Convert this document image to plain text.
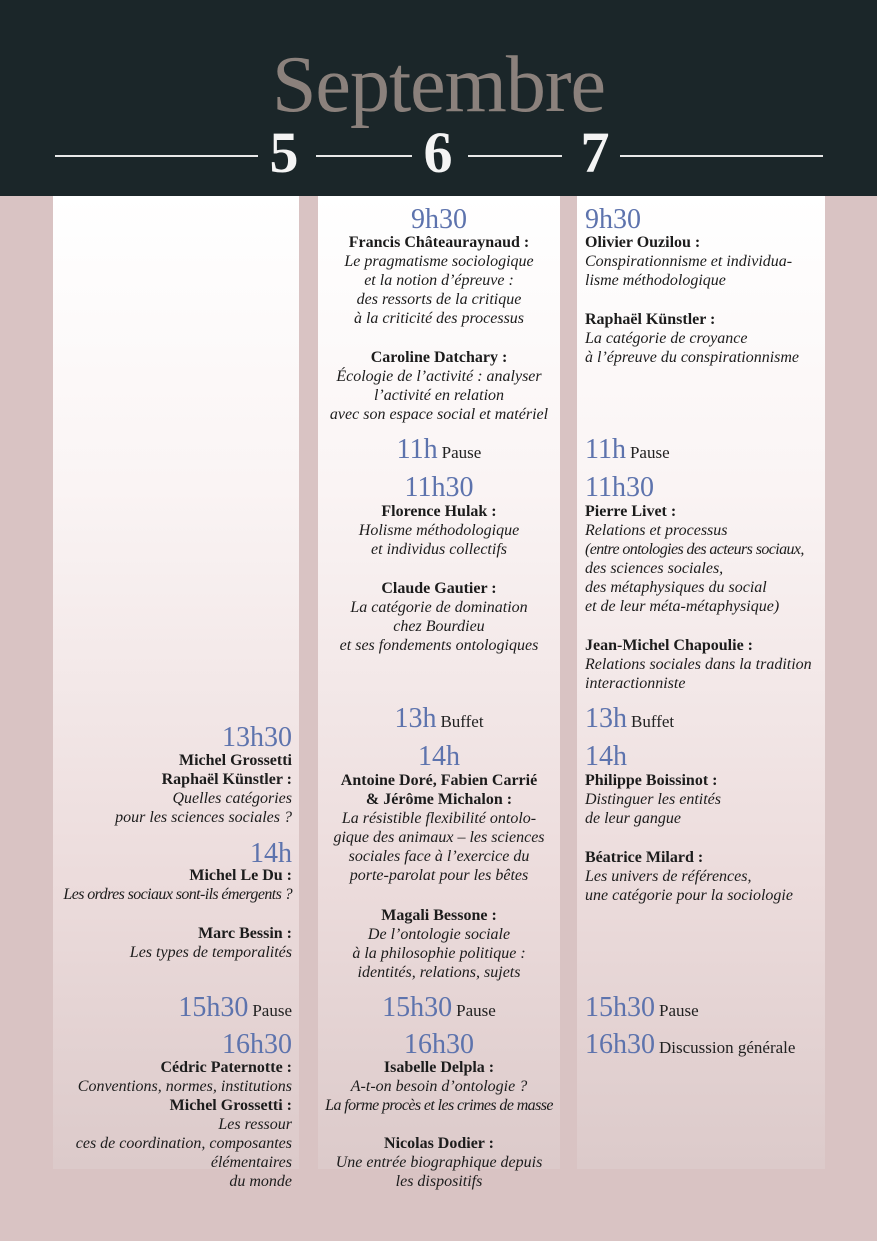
Septembre
5 6 7
13h30
Michel Grossetti
Raphaël Künstler :
Quelles catégories
pour les sciences sociales ?
14h
Michel Le Du :
Les ordres sociaux sont-ils émergents ?
Marc Bessin :
Les types de temporalités
15h30 Pause
16h30
Cédric Paternotte :
Conventions, normes, institutions
Michel Grossetti :
Les ressour
ces de coordination, composantes
élémentaires
du monde
9h30
Francis Châteauraynaud :
Le pragmatisme sociologique
et la notion d’épreuve :
des ressorts de la critique
à la criticité des processus
Caroline Datchary :
Écologie de l’activité : analyser
l’activité en relation
avec son espace social et matériel
11h Pause
11h30
Florence Hulak :
Holisme méthodologique
et individus collectifs
Claude Gautier :
La catégorie de domination
chez Bourdieu
et ses fondements ontologiques
13h Buffet
14h
Antoine Doré, Fabien Carrié
& Jérôme Michalon :
La résistible flexibilité ontolo-
gique des animaux – les sciences
sociales face à l’exercice du
porte-parolat pour les bêtes
Magali Bessone :
De l’ontologie sociale
à la philosophie politique :
identités, relations, sujets
15h30 Pause
16h30
Isabelle Delpla :
A-t-on besoin d’ontologie ?
La forme procès et les crimes de masse
Nicolas Dodier :
Une entrée biographique depuis
les dispositifs
9h30
Olivier Ouzilou :
Conspirationnisme et individua-
lisme méthodologique
Raphaël Künstler :
La catégorie de croyance
à l’épreuve du conspirationnisme
11h Pause
11h30
Pierre Livet :
Relations et processus
(entre ontologies des acteurs sociaux,
des sciences sociales,
des métaphysiques du social
et de leur méta-métaphysique)
Jean-Michel Chapoulie :
Relations sociales dans la tradition
interactionniste
13h Buffet
14h
Philippe Boissinot :
Distinguer les entités
de leur gangue
Béatrice Milard :
Les univers de références,
une catégorie pour la sociologie
15h30 Pause
16h30 Discussion générale
